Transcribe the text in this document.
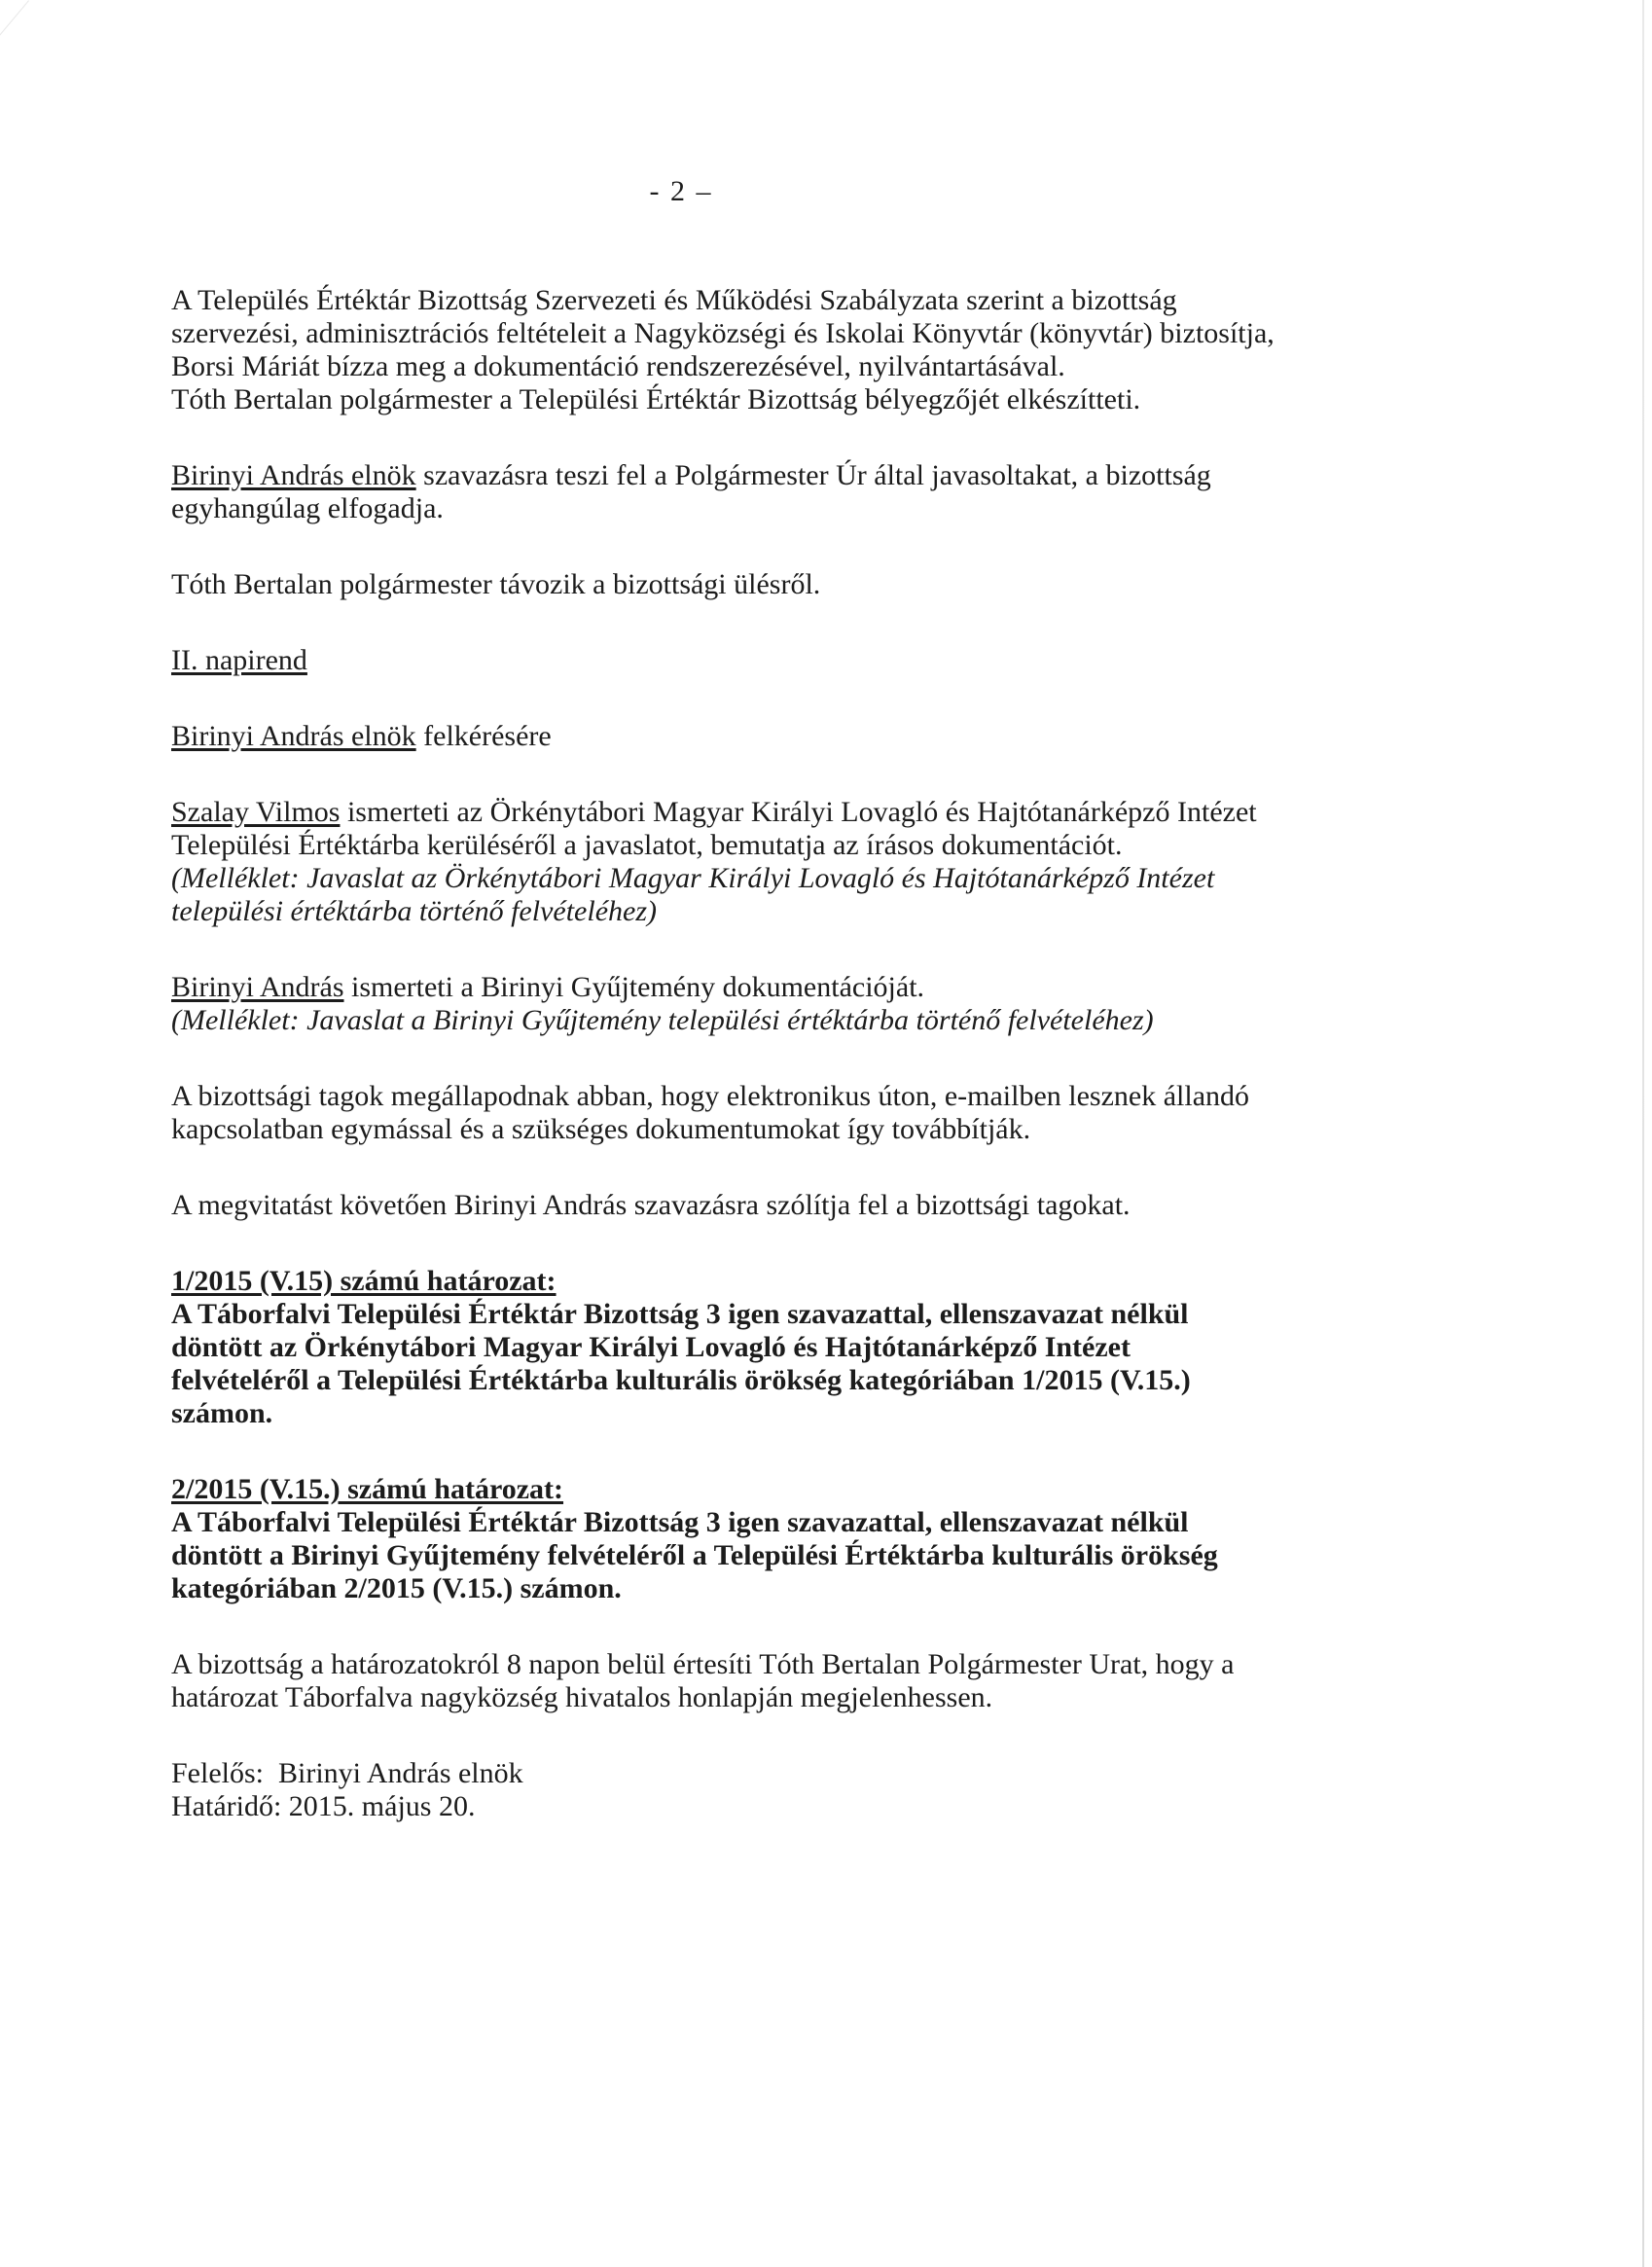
- 2 –

A Település Értéktár Bizottság Szervezeti és Működési Szabályzata szerint a bizottság
szervezési, adminisztrációs feltételeit a Nagyközségi és Iskolai Könyvtár (könyvtár) biztosítja,
Borsi Máriát bízza meg a dokumentáció rendszerezésével, nyilvántartásával.
Tóth Bertalan polgármester a Települési Értéktár Bizottság bélyegzőjét elkészítteti.

Birinyi András elnök szavazásra teszi fel a Polgármester Úr által javasoltakat, a bizottság
egyhangúlag elfogadja.

Tóth Bertalan polgármester távozik a bizottsági ülésről.

II. napirend

Birinyi András elnök felkérésére

Szalay Vilmos ismerteti az Örkénytábori Magyar Királyi Lovagló és Hajtótanárképző Intézet
Települési Értéktárba kerüléséről a javaslatot, bemutatja az írásos dokumentációt.
(Melléklet: Javaslat az Örkénytábori Magyar Királyi Lovagló és Hajtótanárképző Intézet
települési értéktárba történő felvételéhez)

Birinyi András ismerteti a Birinyi Gyűjtemény dokumentációját.
(Melléklet: Javaslat a Birinyi Gyűjtemény települési értéktárba történő felvételéhez)

A bizottsági tagok megállapodnak abban, hogy elektronikus úton, e-mailben lesznek állandó
kapcsolatban egymással és a szükséges dokumentumokat így továbbítják.

A megvitatást követően Birinyi András szavazásra szólítja fel a bizottsági tagokat.

1/2015 (V.15) számú határozat:
A Táborfalvi Települési Értéktár Bizottság 3 igen szavazattal, ellenszavazat nélkül
döntött az Örkénytábori Magyar Királyi Lovagló és Hajtótanárképző Intézet
felvételéről a Települési Értéktárba kulturális örökség kategóriában 1/2015 (V.15.)
számon.

2/2015 (V.15.) számú határozat:
A Táborfalvi Települési Értéktár Bizottság 3 igen szavazattal, ellenszavazat nélkül
döntött a Birinyi Gyűjtemény felvételéről a Települési Értéktárba kulturális örökség
kategóriában 2/2015 (V.15.) számon.

A bizottság a határozatokról 8 napon belül értesíti Tóth Bertalan Polgármester Urat, hogy a
határozat Táborfalva nagyközség hivatalos honlapján megjelenhessen.

Felelős: Birinyi András elnök
Határidő: 2015. május 20.
